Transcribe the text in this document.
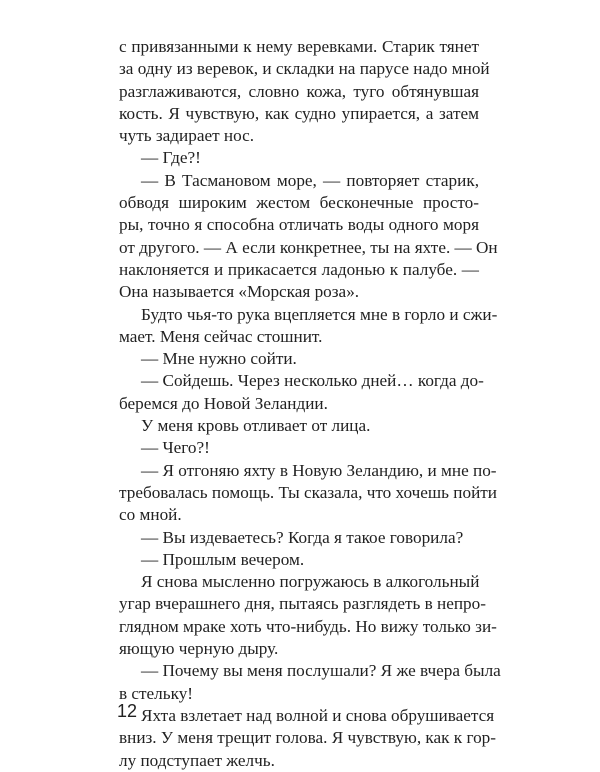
с привязанными к нему веревками. Старик тянет
за одну из веревок, и складки на парусе надо мной
разглаживаются, словно кожа, туго обтянувшая
кость. Я чувствую, как судно упирается, а затем
чуть задирает нос.
— Где?!
— В Тасмановом море, — повторяет старик,
обводя широким жестом бесконечные просто-
ры, точно я способна отличать воды одного моря
от другого. — А если конкретнее, ты на яхте. — Он
наклоняется и прикасается ладонью к палубе. —
Она называется «Морская роза».
Будто чья-то рука вцепляется мне в горло и сжи-
мает. Меня сейчас стошнит.
— Мне нужно сойти.
— Сойдешь. Через несколько дней… когда до-
беремся до Новой Зеландии.
У меня кровь отливает от лица.
— Чего?!
— Я отгоняю яхту в Новую Зеландию, и мне по-
требовалась помощь. Ты сказала, что хочешь пойти
со мной.
— Вы издеваетесь? Когда я такое говорила?
— Прошлым вечером.
Я снова мысленно погружаюсь в алкогольный
угар вчерашнего дня, пытаясь разглядеть в непро-
глядном мраке хоть что-нибудь. Но вижу только зи-
яющую черную дыру.
— Почему вы меня послушали? Я же вчера была
в стельку!
Яхта взлетает над волной и снова обрушивается
вниз. У меня трещит голова. Я чувствую, как к гор-
лу подступает желчь.
12
